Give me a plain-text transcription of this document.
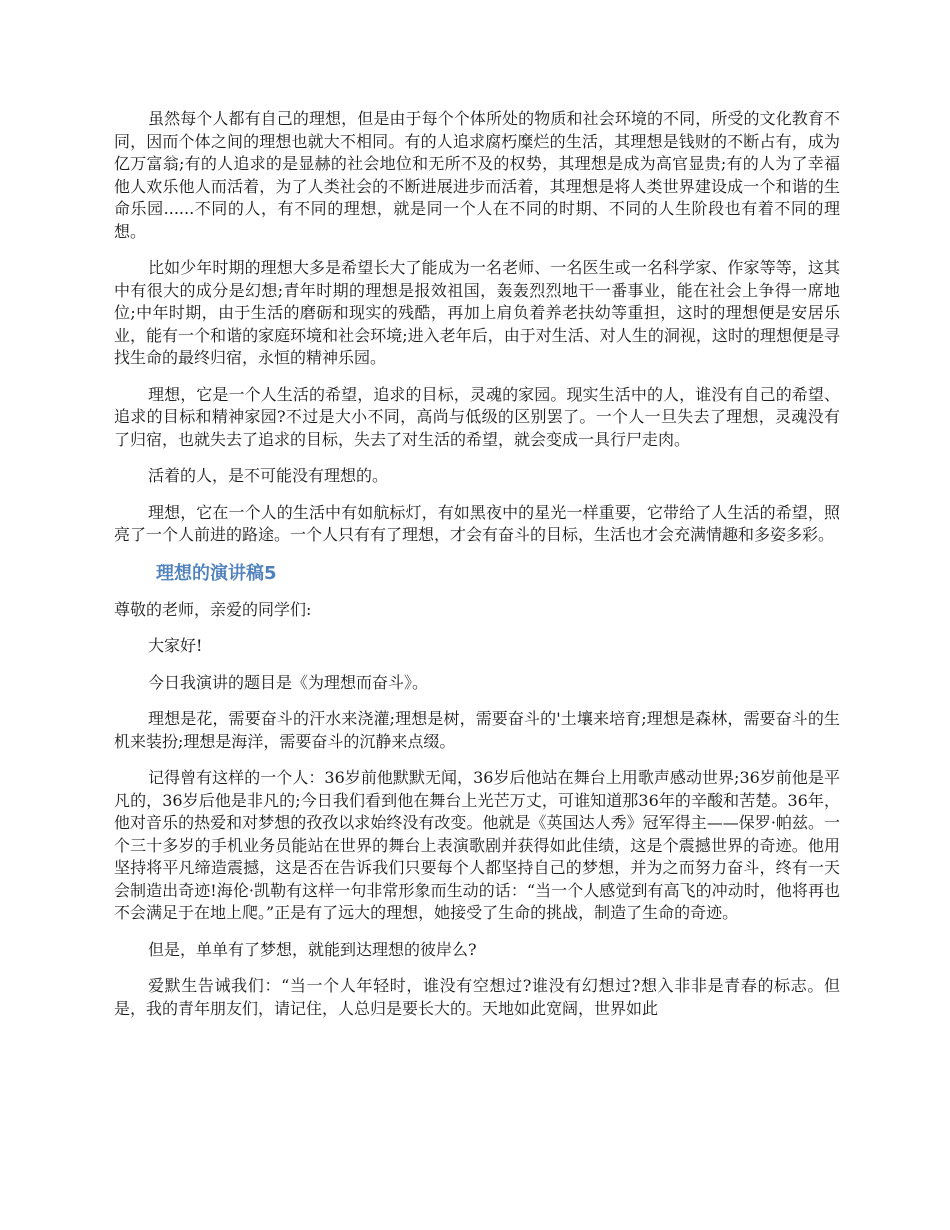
虽然每个人都有自己的理想，但是由于每个个体所处的物质和社会环境的不同，所受的文化教育不同，因而个体之间的理想也就大不相同。有的人追求腐朽糜烂的生活，其理想是钱财的不断占有，成为亿万富翁;有的人追求的是显赫的社会地位和无所不及的权势，其理想是成为高官显贵;有的人为了幸福他人欢乐他人而活着，为了人类社会的不断进展进步而活着，其理想是将人类世界建设成一个和谐的生命乐园......不同的人，有不同的理想，就是同一个人在不同的时期、不同的人生阶段也有着不同的理想。

比如少年时期的理想大多是希望长大了能成为一名老师、一名医生或一名科学家、作家等等，这其中有很大的成分是幻想;青年时期的理想是报效祖国，轰轰烈烈地干一番事业，能在社会上争得一席地位;中年时期，由于生活的磨砺和现实的残酷，再加上肩负着养老扶幼等重担，这时的理想便是安居乐业，能有一个和谐的家庭环境和社会环境;进入老年后，由于对生活、对人生的洞视，这时的理想便是寻找生命的最终归宿，永恒的精神乐园。

理想，它是一个人生活的希望，追求的目标，灵魂的家园。现实生活中的人，谁没有自己的希望、追求的目标和精神家园?不过是大小不同，高尚与低级的区别罢了。一个人一旦失去了理想，灵魂没有了归宿，也就失去了追求的目标，失去了对生活的希望，就会变成一具行尸走肉。

活着的人，是不可能没有理想的。

理想，它在一个人的生活中有如航标灯，有如黑夜中的星光一样重要，它带给了人生活的希望，照亮了一个人前进的路途。一个人只有有了理想，才会有奋斗的目标，生活也才会充满情趣和多姿多彩。

理想的演讲稿5

尊敬的老师，亲爱的同学们:

大家好!

今日我演讲的题目是《为理想而奋斗》。

理想是花，需要奋斗的汗水来浇灌;理想是树，需要奋斗的'土壤来培育;理想是森林，需要奋斗的生机来装扮;理想是海洋，需要奋斗的沉静来点缀。

记得曾有这样的一个人：36岁前他默默无闻，36岁后他站在舞台上用歌声感动世界;36岁前他是平凡的，36岁后他是非凡的;今日我们看到他在舞台上光芒万丈，可谁知道那36年的辛酸和苦楚。36年，他对音乐的热爱和对梦想的孜孜以求始终没有改变。他就是《英国达人秀》冠军得主——保罗·帕兹。一个三十多岁的手机业务员能站在世界的舞台上表演歌剧并获得如此佳绩，这是个震撼世界的奇迹。他用坚持将平凡缔造震撼，这是否在告诉我们只要每个人都坚持自己的梦想，并为之而努力奋斗，终有一天会制造出奇迹!海伦·凯勒有这样一句非常形象而生动的话：“当一个人感觉到有高飞的冲动时，他将再也不会满足于在地上爬。”正是有了远大的理想，她接受了生命的挑战，制造了生命的奇迹。

但是，单单有了梦想，就能到达理想的彼岸么?

爱默生告诫我们：“当一个人年轻时，谁没有空想过?谁没有幻想过?想入非非是青春的标志。但是，我的青年朋友们，请记住，人总归是要长大的。天地如此宽阔，世界如此
